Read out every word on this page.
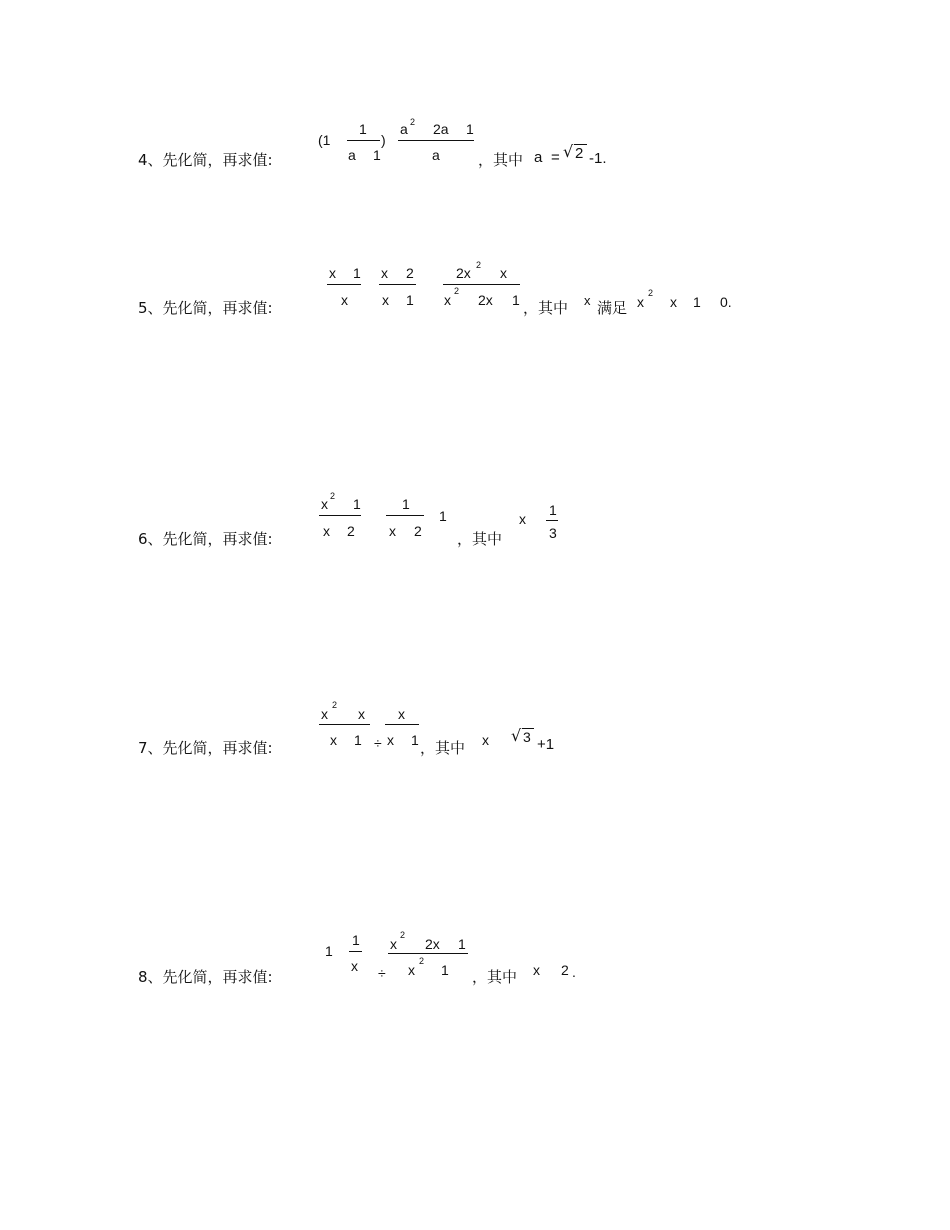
4、先化简，再求值:
(1
1
a 1
)
a 2 2a 1
a	，其中 a = √ 2 -1.
5、先化简，再求值:
x 1
x
x 2
x 1
2x 2 x
x
2
2x 1 ，其中 x 满足 x
2
x 1 0.
6、先化简，再求值:
x 2 1
x 2
1
x 2
1
，其中
x
1
3
7、先化简，再求值:
x
2
x
x 1 ÷
x
x 1 ，其中 x √ 3 +1
8、先化简，再求值:
1
1
x
x
2
2x 1
÷ x
2
1 ，其中 x 2 .
